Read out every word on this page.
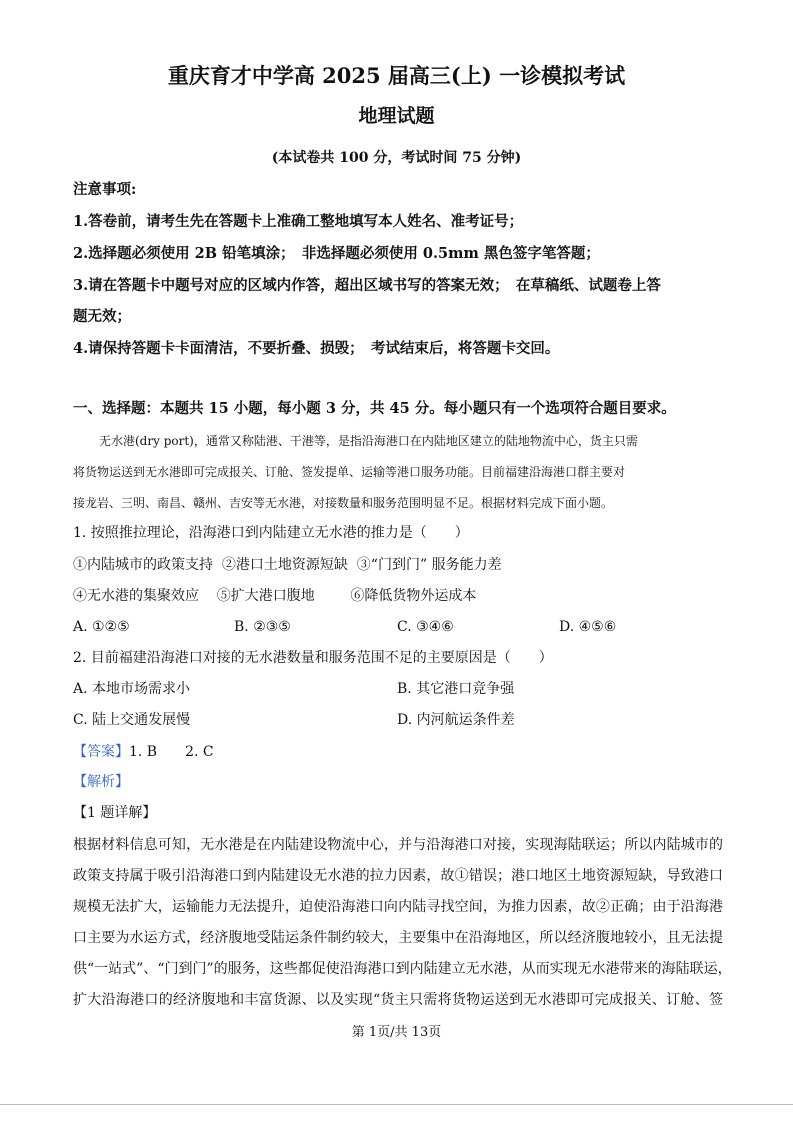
重庆育才中学高 2025 届高三(上) 一诊模拟考试
地理试题
(本试卷共 100 分，考试时间 75 分钟)
注意事项:
1.答卷前，请考生先在答题卡上准确工整地填写本人姓名、准考证号；
2.选择题必须使用 2B 铅笔填涂；　非选择题必须使用 0.5mm 黑色签字笔答题；
3.请在答题卡中题号对应的区域内作答，超出区域书写的答案无效；　在草稿纸、试题卷上答
题无效；
4.请保持答题卡卡面清洁，不要折叠、损毁；　考试结束后，将答题卡交回。
一、选择题：本题共 15 小题，每小题 3 分，共 45 分。每小题只有一个选项符合题目要求。
无水港(dry port)，通常又称陆港、干港等，是指沿海港口在内陆地区建立的陆地物流中心，货主只需
将货物运送到无水港即可完成报关、订舱、签发提单、运输等港口服务功能。目前福建沿海港口群主要对
接龙岩、三明、南昌、赣州、吉安等无水港，对接数量和服务范围明显不足。根据材料完成下面小题。
1. 按照推拉理论，沿海港口到内陆建立无水港的推力是（　　）
①内陆城市的政策支持  ②港口土地资源短缺  ③“门到门” 服务能力差
④无水港的集聚效应    ⑤扩大港口腹地        ⑥降低货物外运成本
A. ①②⑤	B. ②③⑤	C. ③④⑥	D. ④⑤⑥
2. 目前福建沿海港口对接的无水港数量和服务范围不足的主要原因是（　　）
A. 本地市场需求小	B. 其它港口竞争强
C. 陆上交通发展慢	D. 内河航运条件差
【答案】1. B 2. C
【解析】
【1 题详解】
根据材料信息可知，无水港是在内陆建设物流中心，并与沿海港口对接，实现海陆联运；所以内陆城市的
政策支持属于吸引沿海港口到内陆建设无水港的拉力因素，故①错误；港口地区土地资源短缺，导致港口
规模无法扩大，运输能力无法提升，迫使沿海港口向内陆寻找空间，为推力因素，故②正确；由于沿海港
口主要为水运方式，经济腹地受陆运条件制约较大，主要集中在沿海地区，所以经济腹地较小，且无法提
供“一站式”、“门到门”的服务，这些都促使沿海港口到内陆建立无水港，从而实现无水港带来的海陆联运，
扩大沿海港口的经济腹地和丰富货源、以及实现“货主只需将货物运送到无水港即可完成报关、订舱、签
第 1页/共 13页
